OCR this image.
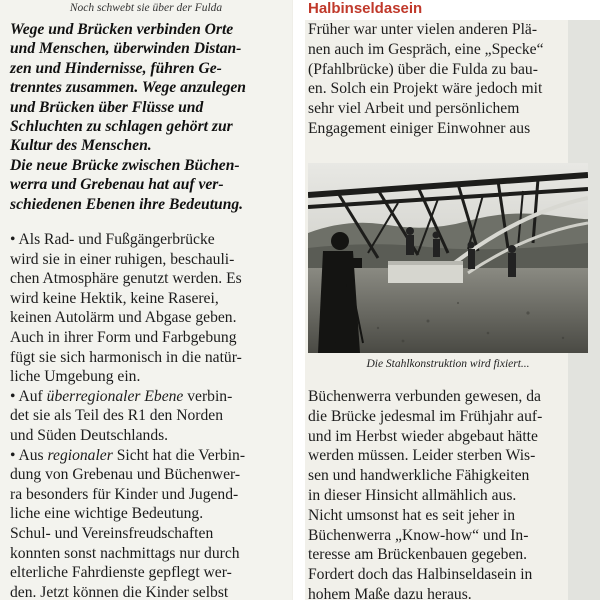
Noch schwebt sie über der Fulda
Wege und Brücken verbinden Orte
und Menschen, überwinden Distan-
zen und Hindernisse, führen Ge-
trenntes zusammen. Wege anzulegen
und Brücken über Flüsse und
Schluchten zu schlagen gehört zur
Kultur des Menschen.
Die neue Brücke zwischen Büchen-
werra und Grebenau hat auf ver-
schiedenen Ebenen ihre Bedeutung.
• Als Rad- und Fußgängerbrücke
wird sie in einer ruhigen, beschauli-
chen Atmosphäre genutzt werden. Es
wird keine Hektik, keine Raserei,
keinen Autolärm und Abgase geben.
Auch in ihrer Form und Farbgebung
fügt sie sich harmonisch in die natür-
liche Umgebung ein.
• Auf überregionaler Ebene verbin-
det sie als Teil des R1 den Norden
und Süden Deutschlands.
• Aus regionaler Sicht hat die Verbin-
dung von Grebenau und Büchenwer-
ra besonders für Kinder und Jugend-
liche eine wichtige Bedeutung.
Schul- und Vereinsfreudschaften
konnten sonst nachmittags nur durch
elterliche Fahrdienste gepflegt wer-
den. Jetzt können die Kinder selbst
Halbinseldasein
Früher war unter vielen anderen Plä-
nen auch im Gespräch, eine „Specke“
(Pfahlbrücke) über die Fulda zu bau-
en. Solch ein Projekt wäre jedoch mit
sehr viel Arbeit und persönlichem
Engagement einiger Einwohner aus
Die Stahlkonstruktion wird fixiert...
Büchenwerra verbunden gewesen, da
die Brücke jedesmal im Frühjahr auf-
und im Herbst wieder abgebaut hätte
werden müssen. Leider sterben Wis-
sen und handwerkliche Fähigkeiten
in dieser Hinsicht allmählich aus.
Nicht umsonst hat es seit jeher in
Büchenwerra „Know-how“ und In-
teresse am Brückenbauen gegeben.
Fordert doch das Halbinseldasein in
hohem Maße dazu heraus.
